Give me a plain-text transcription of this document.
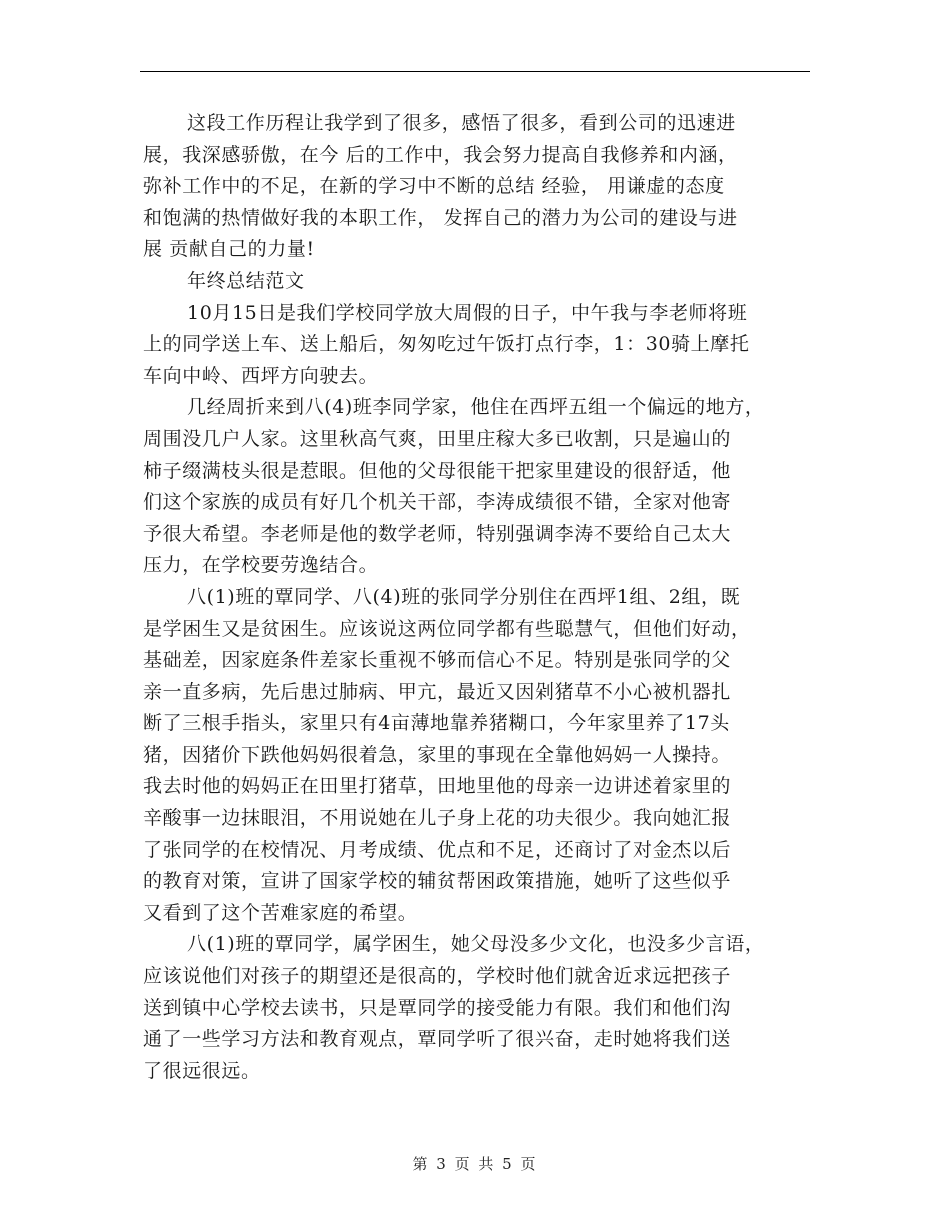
这段工作历程让我学到了很多，感悟了很多，看到公司的迅速进
展，我深感骄傲，在今 后的工作中，我会努力提高自我修养和内涵，
弥补工作中的不足，在新的学习中不断的总结 经验， 用谦虚的态度
和饱满的热情做好我的本职工作， 发挥自己的潜力为公司的建设与进
展 贡献自己的力量!
年终总结范文
10月15日是我们学校同学放大周假的日子，中午我与李老师将班
上的同学送上车、送上船后，匆匆吃过午饭打点行李，1：30骑上摩托
车向中岭、西坪方向驶去。
几经周折来到八(4)班李同学家，他住在西坪五组一个偏远的地方，
周围没几户人家。这里秋高气爽，田里庄稼大多已收割，只是遍山的
柿子缀满枝头很是惹眼。但他的父母很能干把家里建设的很舒适，他
们这个家族的成员有好几个机关干部，李涛成绩很不错，全家对他寄
予很大希望。李老师是他的数学老师，特别强调李涛不要给自己太大
压力，在学校要劳逸结合。
八(1)班的覃同学、八(4)班的张同学分别住在西坪1组、2组，既
是学困生又是贫困生。应该说这两位同学都有些聪慧气，但他们好动，
基础差，因家庭条件差家长重视不够而信心不足。特别是张同学的父
亲一直多病，先后患过肺病、甲亢，最近又因剁猪草不小心被机器扎
断了三根手指头，家里只有4亩薄地靠养猪糊口，今年家里养了17头
猪，因猪价下跌他妈妈很着急，家里的事现在全靠他妈妈一人操持。
我去时他的妈妈正在田里打猪草，田地里他的母亲一边讲述着家里的
辛酸事一边抹眼泪，不用说她在儿子身上花的功夫很少。我向她汇报
了张同学的在校情况、月考成绩、优点和不足，还商讨了对金杰以后
的教育对策，宣讲了国家学校的辅贫帮困政策措施，她听了这些似乎
又看到了这个苦难家庭的希望。
八(1)班的覃同学，属学困生，她父母没多少文化，也没多少言语，
应该说他们对孩子的期望还是很高的，学校时他们就舍近求远把孩子
送到镇中心学校去读书，只是覃同学的接受能力有限。我们和他们沟
通了一些学习方法和教育观点，覃同学听了很兴奋，走时她将我们送
了很远很远。
第 3 页 共 5 页
